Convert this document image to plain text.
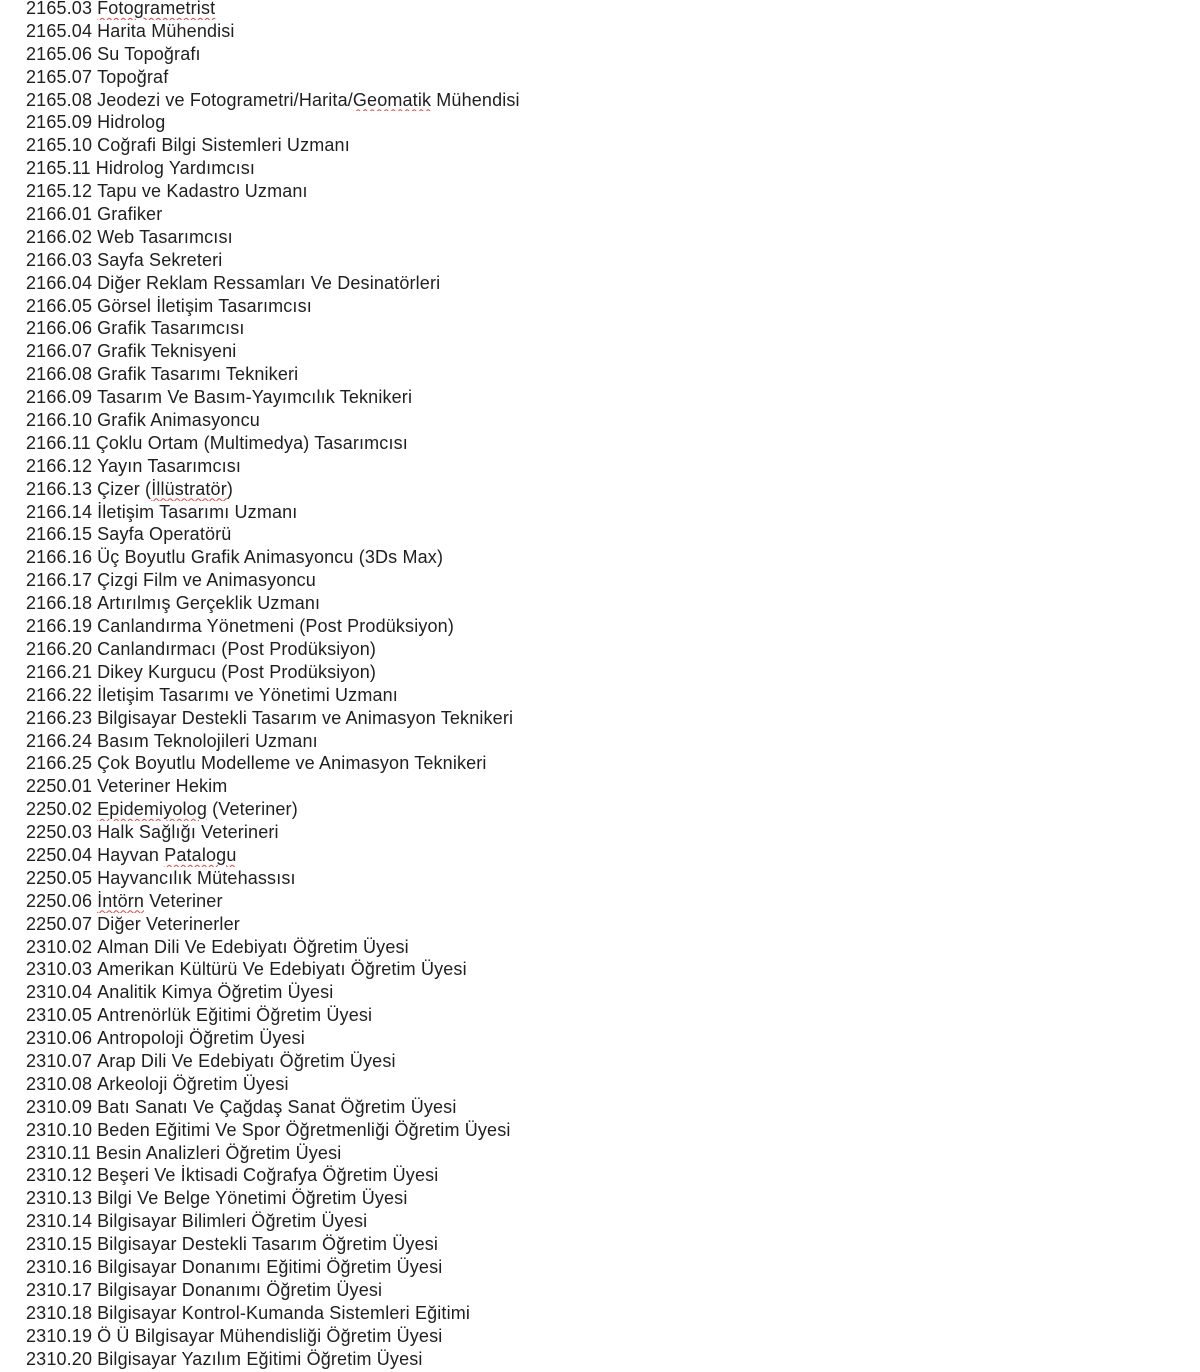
2165.03 Fotogrametrist
2165.04 Harita Mühendisi
2165.06 Su Topoğrafı
2165.07 Topoğraf
2165.08 Jeodezi ve Fotogrametri/Harita/Geomatik Mühendisi
2165.09 Hidrolog
2165.10 Coğrafi Bilgi Sistemleri Uzmanı
2165.11 Hidrolog Yardımcısı
2165.12 Tapu ve Kadastro Uzmanı
2166.01 Grafiker
2166.02 Web Tasarımcısı
2166.03 Sayfa Sekreteri
2166.04 Diğer Reklam Ressamları Ve Desinatörleri
2166.05 Görsel İletişim Tasarımcısı
2166.06 Grafik Tasarımcısı
2166.07 Grafik Teknisyeni
2166.08 Grafik Tasarımı Teknikeri
2166.09 Tasarım Ve Basım-Yayımcılık Teknikeri
2166.10 Grafik Animasyoncu
2166.11 Çoklu Ortam (Multimedya) Tasarımcısı
2166.12 Yayın Tasarımcısı
2166.13 Çizer (İllüstratör)
2166.14 İletişim Tasarımı Uzmanı
2166.15 Sayfa Operatörü
2166.16 Üç Boyutlu Grafik Animasyoncu (3Ds Max)
2166.17 Çizgi Film ve Animasyoncu
2166.18 Artırılmış Gerçeklik Uzmanı
2166.19 Canlandırma Yönetmeni (Post Prodüksiyon)
2166.20 Canlandırmacı (Post Prodüksiyon)
2166.21 Dikey Kurgucu (Post Prodüksiyon)
2166.22 İletişim Tasarımı ve Yönetimi Uzmanı
2166.23 Bilgisayar Destekli Tasarım ve Animasyon Teknikeri
2166.24 Basım Teknolojileri Uzmanı
2166.25 Çok Boyutlu Modelleme ve Animasyon Teknikeri
2250.01 Veteriner Hekim
2250.02 Epidemiyolog (Veteriner)
2250.03 Halk Sağlığı Veterineri
2250.04 Hayvan Patalogu
2250.05 Hayvancılık Mütehassısı
2250.06 İntörn Veteriner
2250.07 Diğer Veterinerler
2310.02 Alman Dili Ve Edebiyatı Öğretim Üyesi
2310.03 Amerikan Kültürü Ve Edebiyatı Öğretim Üyesi
2310.04 Analitik Kimya Öğretim Üyesi
2310.05 Antrenörlük Eğitimi Öğretim Üyesi
2310.06 Antropoloji Öğretim Üyesi
2310.07 Arap Dili Ve Edebiyatı Öğretim Üyesi
2310.08 Arkeoloji Öğretim Üyesi
2310.09 Batı Sanatı Ve Çağdaş Sanat Öğretim Üyesi
2310.10 Beden Eğitimi Ve Spor Öğretmenliği Öğretim Üyesi
2310.11 Besin Analizleri Öğretim Üyesi
2310.12 Beşeri Ve İktisadi Coğrafya Öğretim Üyesi
2310.13 Bilgi Ve Belge Yönetimi Öğretim Üyesi
2310.14 Bilgisayar Bilimleri Öğretim Üyesi
2310.15 Bilgisayar Destekli Tasarım Öğretim Üyesi
2310.16 Bilgisayar Donanımı Eğitimi Öğretim Üyesi
2310.17 Bilgisayar Donanımı Öğretim Üyesi
2310.18 Bilgisayar Kontrol-Kumanda Sistemleri Eğitimi
2310.19 Ö Ü Bilgisayar Mühendisliği Öğretim Üyesi
2310.20 Bilgisayar Yazılım Eğitimi Öğretim Üyesi
